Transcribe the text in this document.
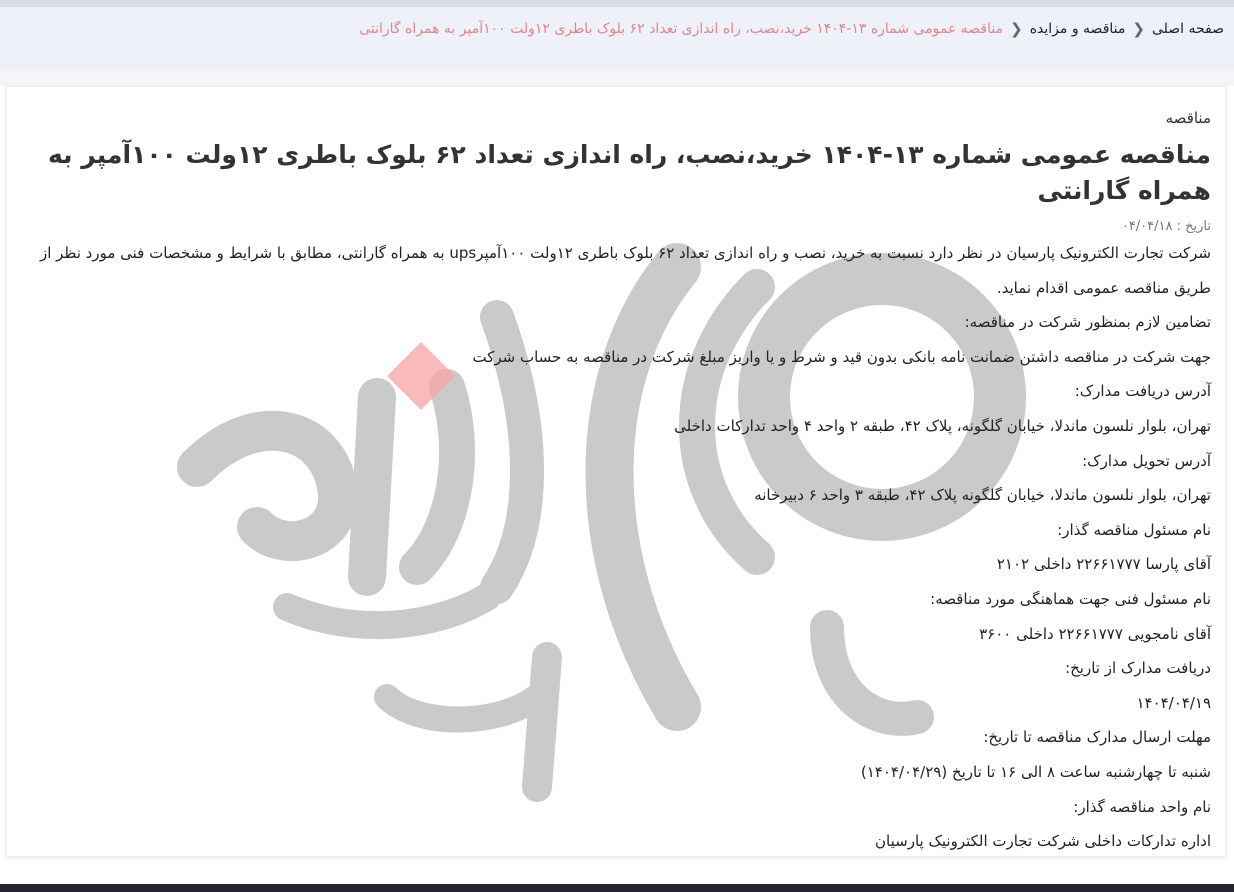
صفحه اصلی
❮
مناقصه و مزایده
❮
مناقصه عمومی شماره ۱۳-۱۴۰۴ خرید،نصب، راه اندازی تعداد ۶۲ بلوک باطری ۱۲ولت ۱۰۰آمپر به همراه گارانتی
مناقصه
مناقصه عمومی شماره ۱۳-۱۴۰۴ خرید،نصب، راه اندازی تعداد ۶۲ بلوک باطری ۱۲ولت ۱۰۰آمپر به همراه گارانتی
تاریخ : ۰۴/۰۴/۱۸

شرکت تجارت الکترونیک پارسیان در نظر دارد نسبت به خرید، نصب و راه اندازی تعداد ۶۲ بلوک باطری ۱۲ولت ۱۰۰آمپرups به همراه گارانتی، مطابق با شرایط و مشخصات فنی مورد نظر از طریق مناقصه عمومی اقدام نماید.

تضامین لازم بمنظور شرکت در مناقصه:

جهت شرکت در مناقصه داشتن ضمانت نامه بانکی بدون قید و شرط و یا واریز مبلغ شرکت در مناقصه به حساب شرکت

آدرس دریافت مدارک:

تهران، بلوار نلسون ماندلا، خیابان گلگونه، پلاک ۴۲، طبقه ۲ واحد ۴ واحد تدارکات داخلی

آدرس تحویل مدارک:

تهران، بلوار نلسون ماندلا، خیابان گلگونه پلاک ۴۲، طبقه ۳ واحد ۶ دبیرخانه

نام مسئول مناقصه گذار:

آقای پارسا ۲۲۶۶۱۷۷۷ داخلی ۲۱۰۲

نام مسئول فنی جهت هماهنگی مورد مناقصه:

آقای نامجویی ۲۲۶۶۱۷۷۷ داخلی ۳۶۰۰

دریافت مدارک از تاریخ:

۱۴۰۴/۰۴/۱۹

مهلت ارسال مدارک مناقصه تا تاریخ:

شنبه تا چهارشنبه ساعت ۸ الی ۱۶ تا تاریخ (۱۴۰۴/۰۴/۲۹)

نام واحد مناقصه گذار:

اداره تدارکات داخلی شرکت تجارت الکترونیک پارسیان
